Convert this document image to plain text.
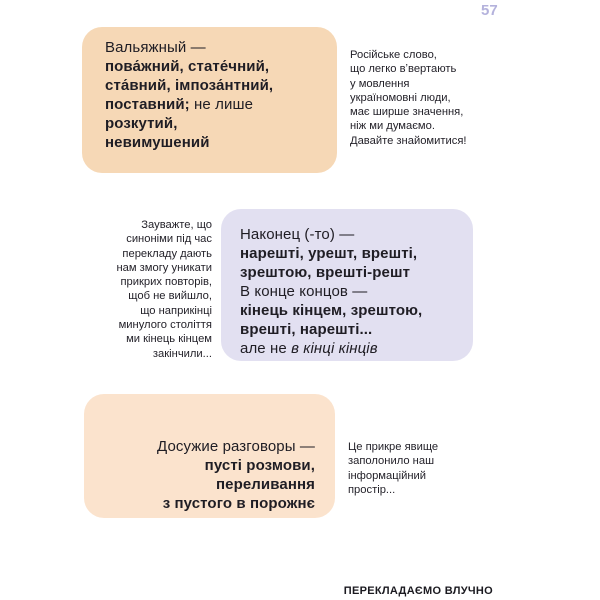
57
Вальяжный —
пова́жний, стате́чний,
ста́вний, імпоза́нтний,
поставний; не лише
розкутий,
невимушений
Російське слово,
що легко вʼвертають
у мовлення
україномовні люди,
має ширше значення,
ніж ми думаємо.
Давайте знайомитися!
Зауважте, що
синоніми під час
перекладу дають
нам змогу уникати
прикрих повторів,
щоб не вийшло,
що наприкінці
минулого століття
ми кінець кінцем
закінчили...
Наконец (-то) —
нарешті, урешт, врешті,
зрештою, врешті-решт
В конце концов —
кінець кінцем, зрештою,
врешті, нарешті...
але не в кінці кінців
Досужие разговоры —
пусті розмови,
переливання
з пустого в порожнє
Це прикре явище
заполонило наш
інформаційний
простір...
ПЕРЕКЛАДАЄМО ВЛУЧНО
